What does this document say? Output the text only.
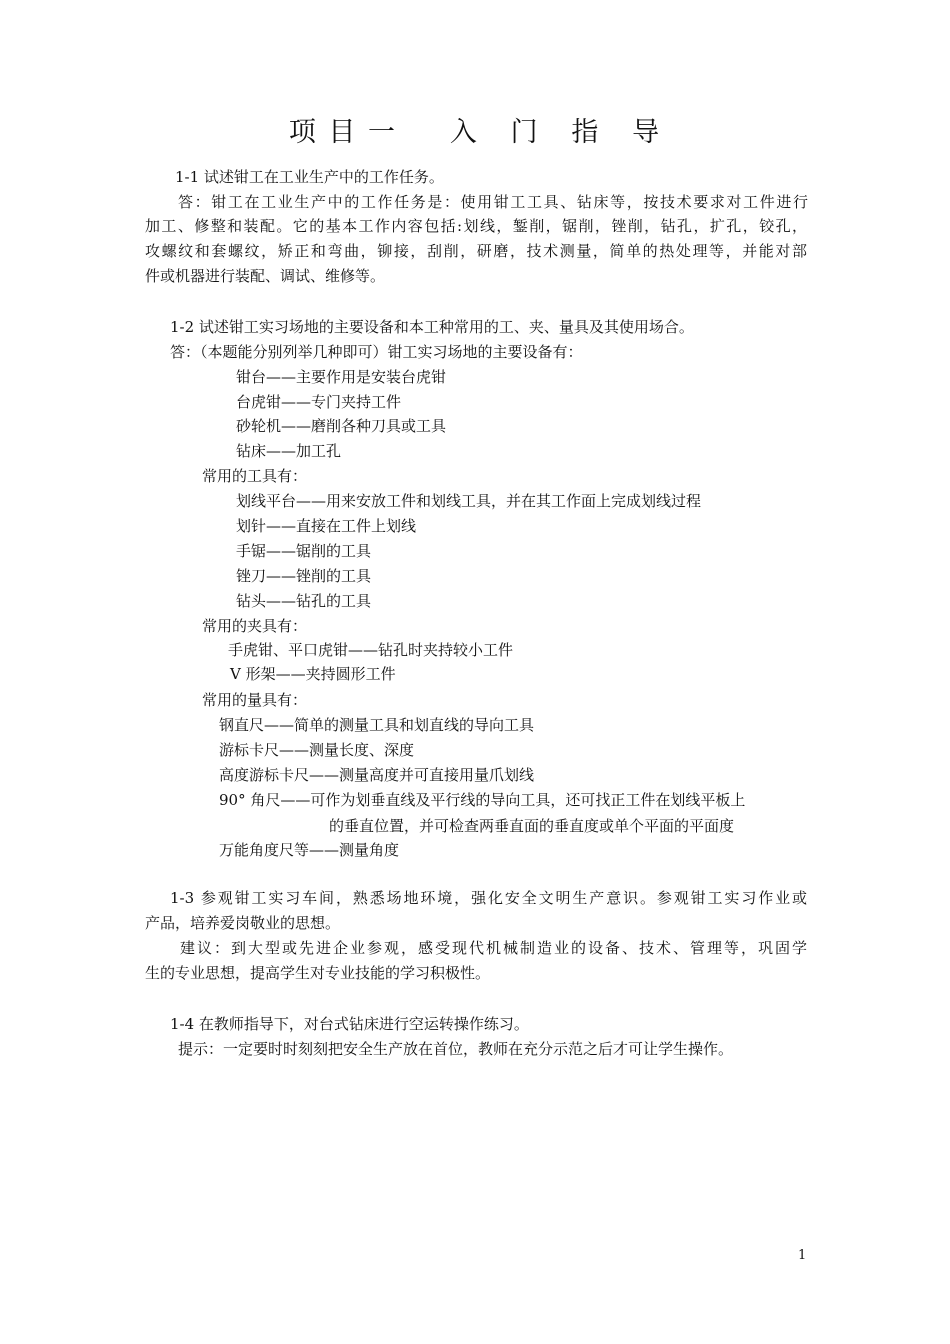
项 目 一     入   门   指   导
1-1 试述钳工在工业生产中的工作任务。
答：钳工在工业生产中的工作任务是：使用钳工工具、钻床等，按技术要求对工件进行
加工、修整和装配。它的基本工作内容包括:划线，錾削，锯削，锉削，钻孔，扩孔，铰孔，
攻螺纹和套螺纹，矫正和弯曲，铆接，刮削，研磨，技术测量，简单的热处理等，并能对部
件或机器进行装配、调试、维修等。
1-2 试述钳工实习场地的主要设备和本工种常用的工、夹、量具及其使用场合。
答：（本题能分别列举几种即可）钳工实习场地的主要设备有：
钳台——主要作用是安装台虎钳
台虎钳——专门夹持工件
砂轮机——磨削各种刀具或工具
钻床——加工孔
常用的工具有：
划线平台——用来安放工件和划线工具，并在其工作面上完成划线过程
划针——直接在工件上划线
手锯——锯削的工具
锉刀——锉削的工具
钻头——钻孔的工具
常用的夹具有：
手虎钳、平口虎钳——钻孔时夹持较小工件
V 形架——夹持圆形工件
常用的量具有：
钢直尺——简单的测量工具和划直线的导向工具
游标卡尺——测量长度、深度
高度游标卡尺——测量高度并可直接用量爪划线
90° 角尺——可作为划垂直线及平行线的导向工具，还可找正工件在划线平板上
的垂直位置，并可检查两垂直面的垂直度或单个平面的平面度
万能角度尺等——测量角度
1-3 参观钳工实习车间，熟悉场地环境，强化安全文明生产意识。参观钳工实习作业或
产品，培养爱岗敬业的思想。
建议：到大型或先进企业参观，感受现代机械制造业的设备、技术、管理等，巩固学
生的专业思想，提高学生对专业技能的学习积极性。
1-4 在教师指导下，对台式钻床进行空运转操作练习。
提示：一定要时时刻刻把安全生产放在首位，教师在充分示范之后才可让学生操作。
1
